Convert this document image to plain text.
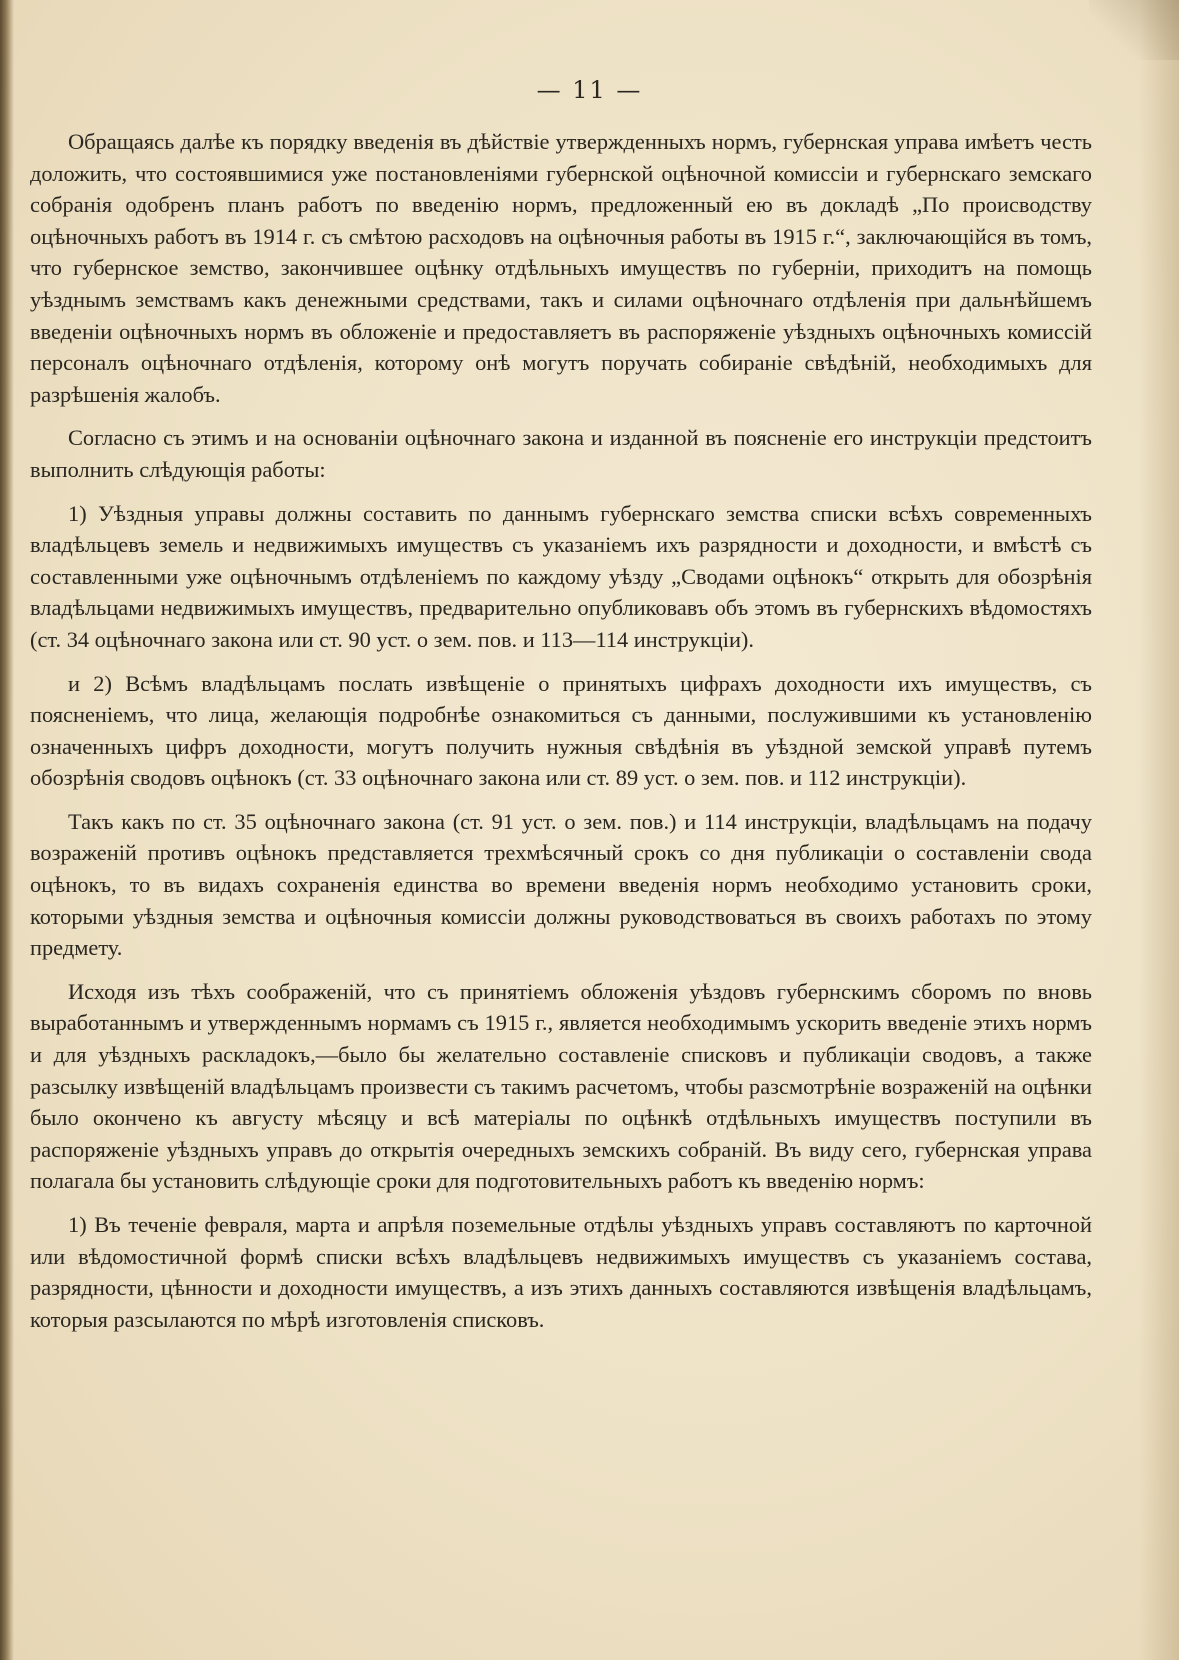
— 11 —

Обращаясь далѣе къ порядку введенія въ дѣйствіе утвержденныхъ нормъ, губернская управа имѣетъ честь доложить, что состоявшимися уже постановленіями губернской оцѣночной комиссіи и губернскаго земскаго собранія одобренъ планъ работъ по введенію нормъ, предложенный ею въ докладѣ „По происводству оцѣночныхъ работъ въ 1914 г. съ смѣтою расходовъ на оцѣночныя работы въ 1915 г.“, заключающійся въ томъ, что губернское земство, закончившее оцѣнку отдѣльныхъ имуществъ по губерніи, приходитъ на помощь уѣзднымъ земствамъ какъ денежными средствами, такъ и силами оцѣночнаго отдѣленія при дальнѣйшемъ введеніи оцѣночныхъ нормъ въ обложеніе и предоставляетъ въ распоряженіе уѣздныхъ оцѣночныхъ комиссій персоналъ оцѣночнаго отдѣленія, которому онѣ могутъ поручать собираніе свѣдѣній, необходимыхъ для разрѣшенія жалобъ.

Согласно съ этимъ и на основаніи оцѣночнаго закона и изданной въ поясненіе его инструкціи предстоитъ выполнить слѣдующія работы:

1) Уѣздныя управы должны составить по даннымъ губернскаго земства списки всѣхъ современныхъ владѣльцевъ земель и недвижимыхъ имуществъ съ указаніемъ ихъ разрядности и доходности, и вмѣстѣ съ составленными уже оцѣночнымъ отдѣленіемъ по каждому уѣзду „Сводами оцѣнокъ“ открыть для обозрѣнія владѣльцами недвижимыхъ имуществъ, предварительно опубликовавъ объ этомъ въ губернскихъ вѣдомостяхъ (ст. 34 оцѣночнаго закона или ст. 90 уст. о зем. пов. и 113—114 инструкціи).

и 2) Всѣмъ владѣльцамъ послать извѣщеніе о принятыхъ цифрахъ доходности ихъ имуществъ, съ поясненіемъ, что лица, желающія подробнѣе ознакомиться съ данными, послужившими къ установленію означенныхъ цифръ доходности, могутъ получить нужныя свѣдѣнія въ уѣздной земской управѣ путемъ обозрѣнія сводовъ оцѣнокъ (ст. 33 оцѣночнаго закона или ст. 89 уст. о зем. пов. и 112 инструкціи).

Такъ какъ по ст. 35 оцѣночнаго закона (ст. 91 уст. о зем. пов.) и 114 инструкціи, владѣльцамъ на подачу возраженій противъ оцѣнокъ представляется трехмѣсячный срокъ со дня публикаціи о составленіи свода оцѣнокъ, то въ видахъ сохраненія единства во времени введенія нормъ необходимо установить сроки, которыми уѣздныя земства и оцѣночныя комиссіи должны руководствоваться въ своихъ работахъ по этому предмету.

Исходя изъ тѣхъ соображеній, что съ принятіемъ обложенія уѣздовъ губернскимъ сборомъ по вновь выработаннымъ и утвержденнымъ нормамъ съ 1915 г., является необходимымъ ускорить введеніе этихъ нормъ и для уѣздныхъ раскладокъ,—было бы желательно составленіе списковъ и публикаціи сводовъ, а также разсылку извѣщеній владѣльцамъ произвести съ такимъ расчетомъ, чтобы разсмотрѣніе возраженій на оцѣнки было окончено къ августу мѣсяцу и всѣ матеріалы по оцѣнкѣ отдѣльныхъ имуществъ поступили въ распоряженіе уѣздныхъ управъ до открытія очередныхъ земскихъ собраній. Въ виду сего, губернская управа полагала бы установить слѣдующіе сроки для подготовительныхъ работъ къ введенію нормъ:

1) Въ теченіе февраля, марта и апрѣля поземельные отдѣлы уѣздныхъ управъ составляютъ по карточной или вѣдомостичной формѣ списки всѣхъ владѣльцевъ недвижимыхъ имуществъ съ указаніемъ состава, разрядности, цѣнности и доходности имуществъ, а изъ этихъ данныхъ составляются извѣщенія владѣльцамъ, которыя разсылаются по мѣрѣ изготовленія списковъ.
